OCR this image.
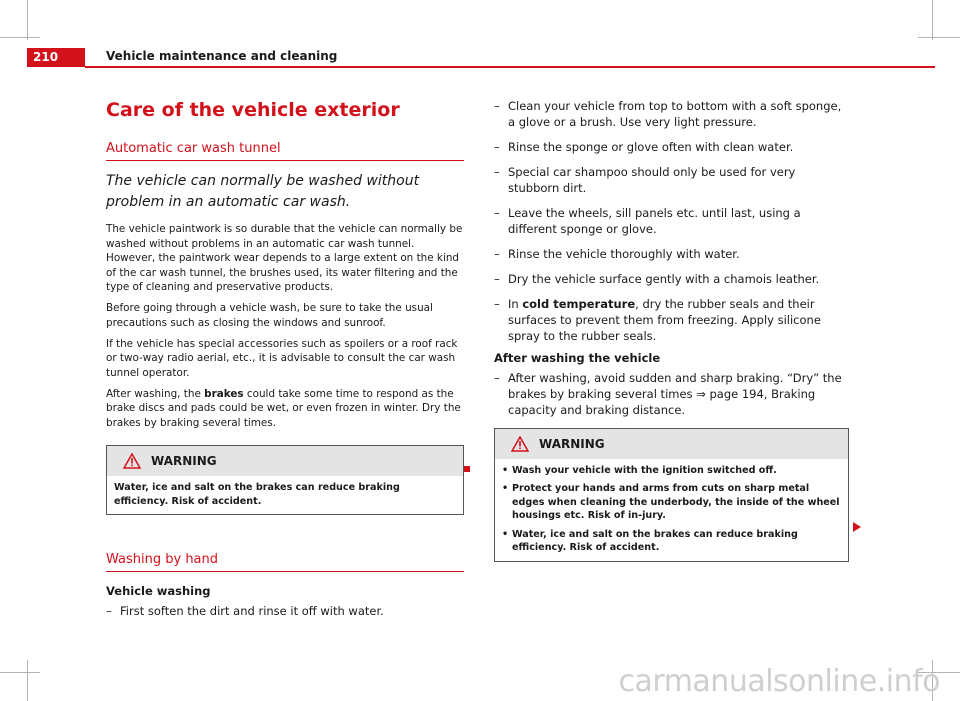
210	Vehicle maintenance and cleaning
Care of the vehicle exterior
Automatic car wash tunnel
The vehicle can normally be washed without problem in an automatic car wash.

The vehicle paintwork is so durable that the vehicle can normally be washed without problems in an automatic car wash tunnel. However, the paintwork wear depends to a large extent on the kind of the car wash tunnel, the brushes used, its water filtering and the type of cleaning and preservative products.

Before going through a vehicle wash, be sure to take the usual precautions such as closing the windows and sunroof.

If the vehicle has special accessories such as spoilers or a roof rack or two-way radio aerial, etc., it is advisable to consult the car wash tunnel operator.

After washing, the brakes could take some time to respond as the brake discs and pads could be wet, or even frozen in winter. Dry the brakes by braking several times.

WARNING
Water, ice and salt on the brakes can reduce braking efficiency. Risk of accident.
Washing by hand
Vehicle washing
– First soften the dirt and rinse it off with water.
– Clean your vehicle from top to bottom with a soft sponge, a glove or a brush. Use very light pressure.
– Rinse the sponge or glove often with clean water.
– Special car shampoo should only be used for very stubborn dirt.
– Leave the wheels, sill panels etc. until last, using a different sponge or glove.
– Rinse the vehicle thoroughly with water.
– Dry the vehicle surface gently with a chamois leather.
– In cold temperature, dry the rubber seals and their surfaces to prevent them from freezing. Apply silicone spray to the rubber seals.
After washing the vehicle
– After washing, avoid sudden and sharp braking. “Dry” the brakes by braking several times ⇒ page 194, Braking capacity and braking distance.
WARNING
• Wash your vehicle with the ignition switched off.
• Protect your hands and arms from cuts on sharp metal edges when cleaning the underbody, the inside of the wheel housings etc. Risk of in-jury.
• Water, ice and salt on the brakes can reduce braking efficiency. Risk of accident.
carmanualsonline.info
